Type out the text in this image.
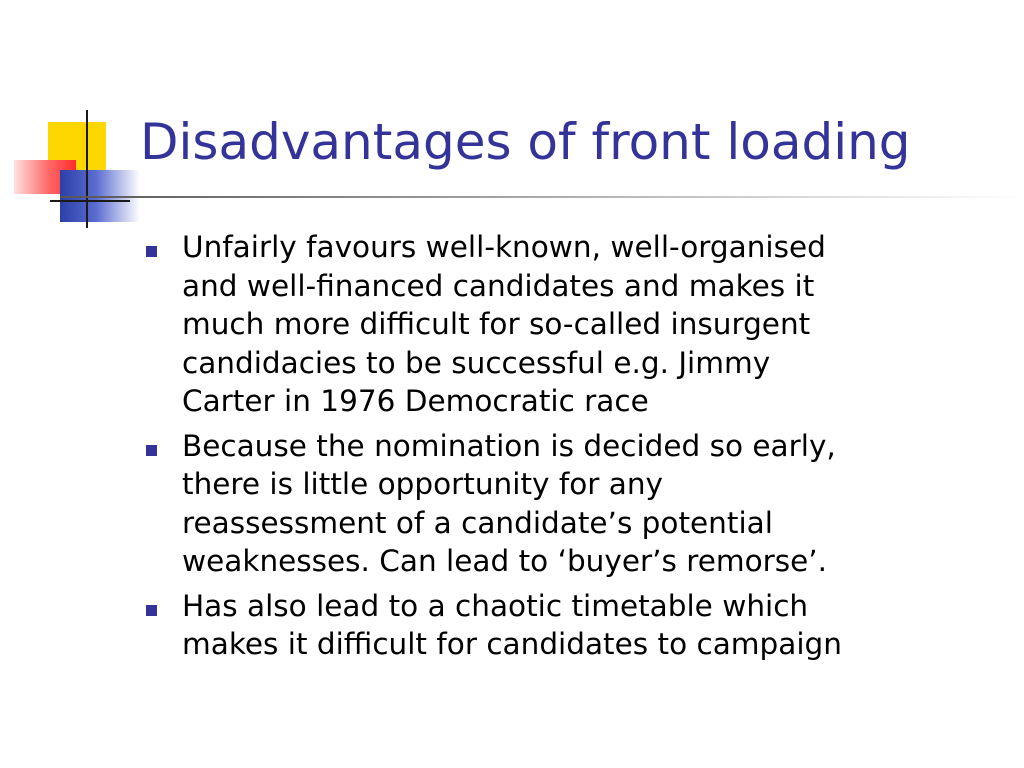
Disadvantages of front loading
Unfairly favours well-known, well-organised
and well-financed candidates and makes it
much more difficult for so-called insurgent
candidacies to be successful e.g. Jimmy
Carter in 1976 Democratic race
Because the nomination is decided so early,
there is little opportunity for any
reassessment of a candidate’s potential
weaknesses. Can lead to ‘buyer’s remorse’.
Has also lead to a chaotic timetable which
makes it difficult for candidates to campaign
